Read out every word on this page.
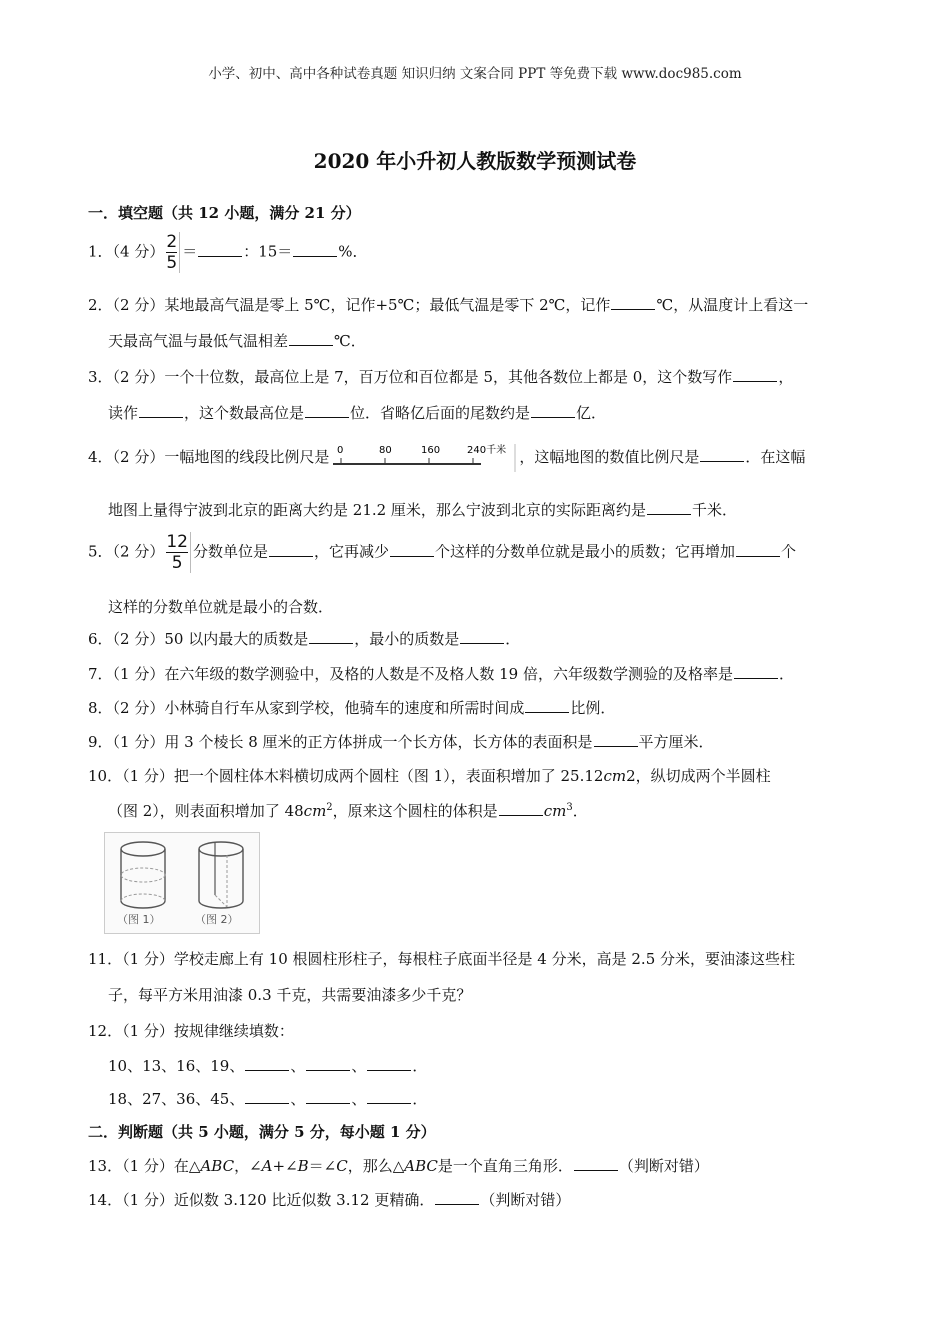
小学、初中、高中各种试卷真题 知识归纳 文案合同 PPT 等免费下载 www.doc985.com
2020 年小升初人教版数学预测试卷
一．填空题（共 12 小题，满分 21 分）
1．（4 分） $\frac{2}{5}$ ＝	：15＝	%．
2．（2 分）某地最高气温是零上 5℃，记作+5℃；最低气温是零下 2℃，记作	℃，从温度计上看这一
天最高气温与最低气温相差	℃．
3．（2 分）一个十位数，最高位上是 7，百万位和百位都是 5，其他各数位上都是 0，这个数写作	，
读作	，这个数最高位是	位．省略亿后面的尾数约是	亿．
4．（2 分）一幅地图的线段比例尺是 0	80	160	240千米 ，这幅地图的数值比例尺是	．在这幅
地图上量得宁波到北京的距离大约是 21.2 厘米，那么宁波到北京的实际距离约是	千米．
5．（2 分） $\frac{12}{5}$ 分数单位是	，它再减少	个这样的分数单位就是最小的质数；它再增加	个
这样的分数单位就是最小的合数．
6．（2 分）50 以内最大的质数是	，最小的质数是	．
7．（1 分）在六年级的数学测验中，及格的人数是不及格人数 19 倍，六年级数学测验的及格率是	．
8．（2 分）小林骑自行车从家到学校，他骑车的速度和所需时间成	比例．
9．（1 分）用 3 个棱长 8 厘米的正方体拼成一个长方体，长方体的表面积是	平方厘米．
10．（1 分）把一个圆柱体木料横切成两个圆柱（图 1），表面积增加了 25.12cm2，纵切成两个半圆柱
（图 2），则表面积增加了 $48cm^2$，原来这个圆柱的体积是	$cm^3$．
（图 1）	（图 2）
11．（1 分）学校走廊上有 10 根圆柱形柱子，每根柱子底面半径是 4 分米，高是 2.5 分米，要油漆这些柱
子，每平方米用油漆 0.3 千克，共需要油漆多少千克？
12．（1 分）按规律继续填数：
10、13、16、19、	、	、	．
18、27、36、45、	、	、	．
二．判断题（共 5 小题，满分 5 分，每小题 1 分）
13．（1 分）在△ABC，∠A+∠B＝∠C，那么△ABC是一个直角三角形．	（判断对错）
14．（1 分）近似数 3.120 比近似数 3.12 更精确．	（判断对错）
